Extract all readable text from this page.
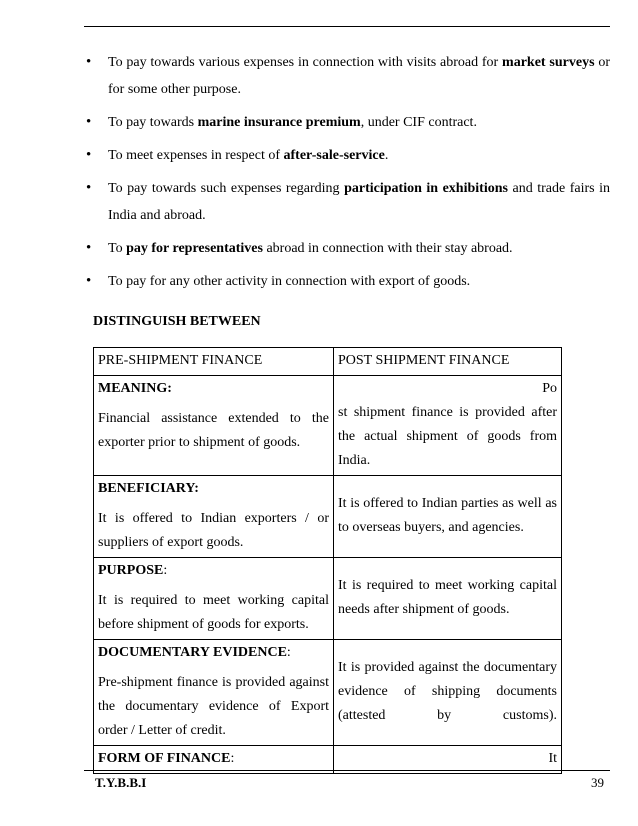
• To pay towards various expenses in connection with visits abroad for market surveys or for some other purpose.
• To pay towards marine insurance premium, under CIF contract.
• To meet expenses in respect of after-sale-service.
• To pay towards such expenses regarding participation in exhibitions and trade fairs in India and abroad.
• To pay for representatives abroad in connection with their stay abroad.
• To pay for any other activity in connection with export of goods.
DISTINGUISH BETWEEN
PRE-SHIPMENT FINANCE	POST SHIPMENT FINANCE

MEANING:
Financial assistance extended to the exporter prior to shipment of goods.	Po
st shipment finance is provided after the actual shipment of goods from India.

BENEFICIARY:
It is offered to Indian exporters / or suppliers of export goods.	It is offered to Indian parties as well as to overseas buyers, and agencies.

PURPOSE:
It is required to meet working capital before shipment of goods for exports.	It is required to meet working capital needs after shipment of goods.

DOCUMENTARY EVIDENCE:
Pre-shipment finance is provided against the documentary evidence of Export order / Letter of credit.	It is provided against the documentary evidence of shipping documents (attested by customs).

FORM OF FINANCE:	It
T.Y.B.B.I	39
